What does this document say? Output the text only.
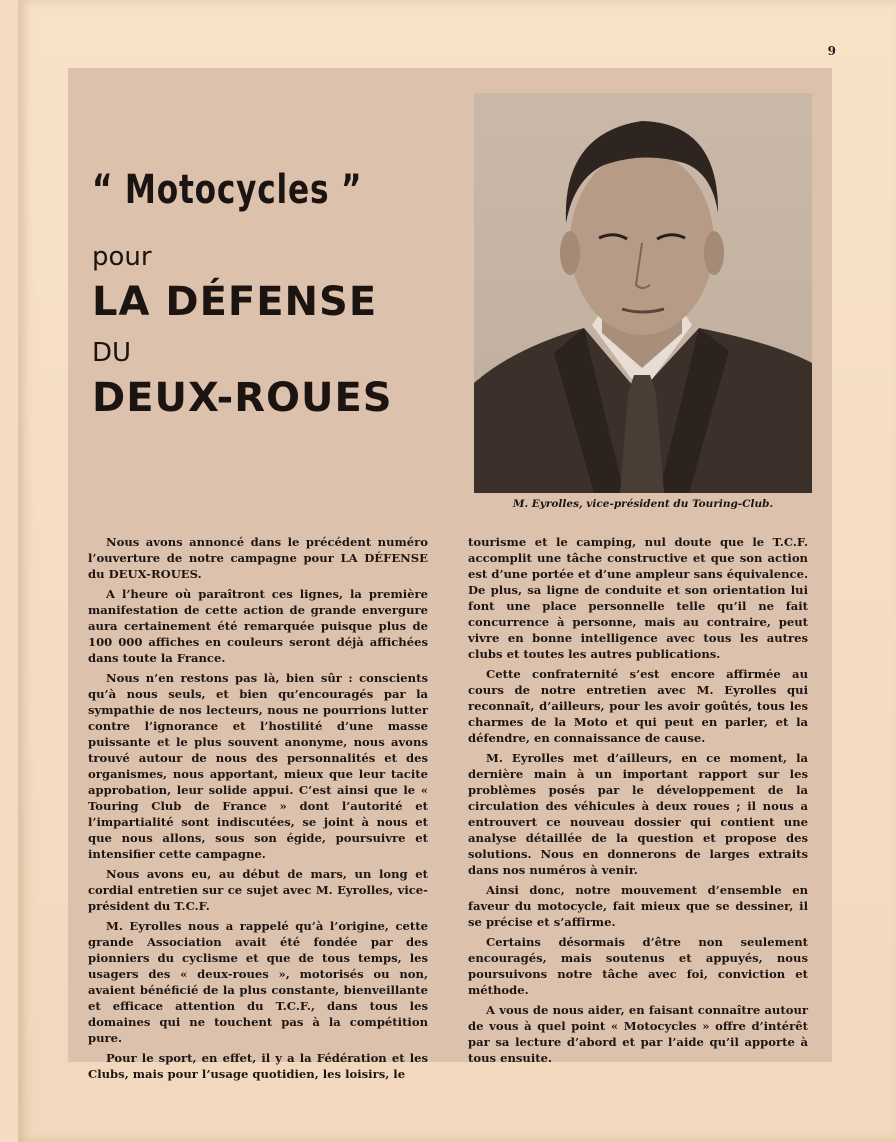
9
“ Motocycles ”
pour
LA DÉFENSE
DU
DEUX-ROUES
M. Eyrolles, vice-président du Touring-Club.

Nous avons annoncé dans le précédent numéro l’ouverture de notre campagne pour LA DÉFENSE du DEUX-ROUES.

A l’heure où paraîtront ces lignes, la première manifestation de cette action de grande envergure aura certainement été remarquée puisque plus de 100 000 affiches en couleurs seront déjà affichées dans toute la France.

Nous n’en restons pas là, bien sûr : conscients qu’à nous seuls, et bien qu’encouragés par la sympathie de nos lecteurs, nous ne pourrions lutter contre l’ignorance et l’hostilité d’une masse puissante et le plus souvent anonyme, nous avons trouvé autour de nous des personnalités et des organismes, nous apportant, mieux que leur tacite approbation, leur solide appui. C’est ainsi que le « Touring Club de France » dont l’autorité et l’impartialité sont indiscutées, se joint à nous et que nous allons, sous son égide, poursuivre et intensifier cette campagne.

Nous avons eu, au début de mars, un long et cordial entretien sur ce sujet avec M. Eyrolles, vice-président du T.C.F.

M. Eyrolles nous a rappelé qu’à l’origine, cette grande Association avait été fondée par des pionniers du cyclisme et que de tous temps, les usagers des « deux-roues », motorisés ou non, avaient bénéficié de la plus constante, bienveillante et efficace attention du T.C.F., dans tous les domaines qui ne touchent pas à la compétition pure.

Pour le sport, en effet, il y a la Fédération et les Clubs, mais pour l’usage quotidien, les loisirs, le

tourisme et le camping, nul doute que le T.C.F. accomplit une tâche constructive et que son action est d’une portée et d’une ampleur sans équivalence. De plus, sa ligne de conduite et son orientation lui font une place personnelle telle qu’il ne fait concurrence à personne, mais au contraire, peut vivre en bonne intelligence avec tous les autres clubs et toutes les autres publications.

Cette confraternité s’est encore affirmée au cours de notre entretien avec M. Eyrolles qui reconnaît, d’ailleurs, pour les avoir goûtés, tous les charmes de la Moto et qui peut en parler, et la défendre, en connaissance de cause.

M. Eyrolles met d’ailleurs, en ce moment, la dernière main à un important rapport sur les problèmes posés par le développement de la circulation des véhicules à deux roues ; il nous a entrouvert ce nouveau dossier qui contient une analyse détaillée de la question et propose des solutions. Nous en donnerons de larges extraits dans nos numéros à venir.

Ainsi donc, notre mouvement d’ensemble en faveur du motocycle, fait mieux que se dessiner, il se précise et s’affirme.

Certains désormais d’être non seulement encouragés, mais soutenus et appuyés, nous poursuivons notre tâche avec foi, conviction et méthode.

A vous de nous aider, en faisant connaître autour de vous à quel point « Motocycles » offre d’intérêt par sa lecture d’abord et par l’aide qu’il apporte à tous ensuite.
